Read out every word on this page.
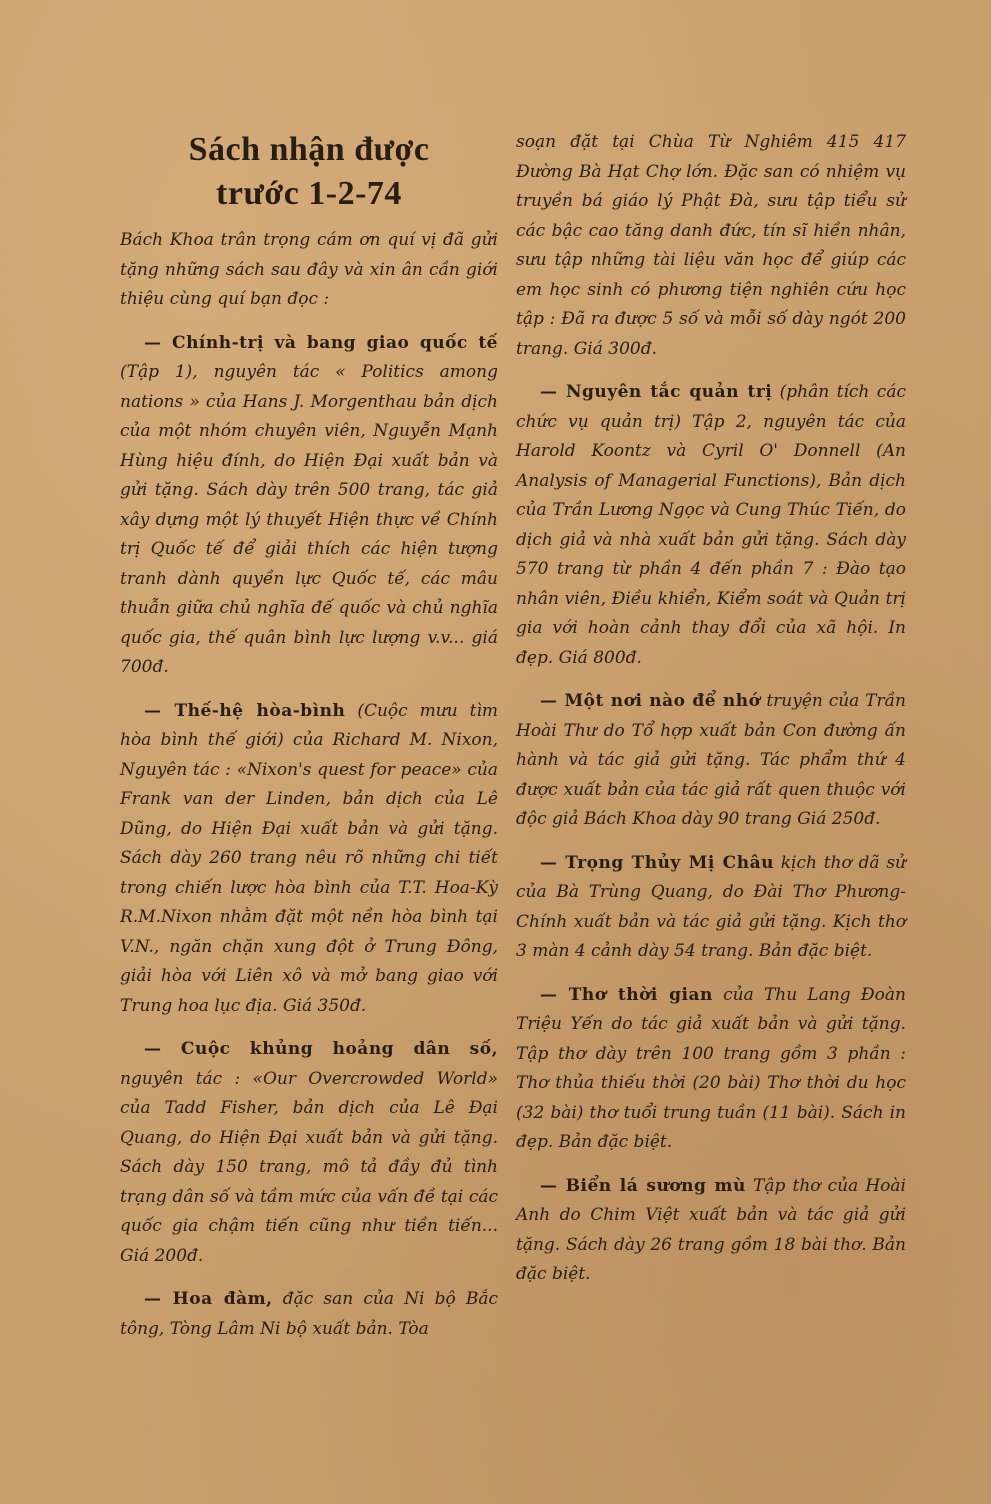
Sách nhận được
trước 1-2-74

Bách Khoa trân trọng cám ơn quí vị đã gửi tặng những sách sau đây và xin ân cần giới thiệu cùng quí bạn đọc :

— Chính-trị và bang giao quốc tế (Tập 1), nguyên tác « Politics among nations » của Hans J. Morgenthau bản dịch của một nhóm chuyên viên, Nguyễn Mạnh Hùng hiệu đính, do Hiện Đại xuất bản và gửi tặng. Sách dày trên 500 trang, tác giả xây dựng một lý thuyết Hiện thực về Chính trị Quốc tế để giải thích các hiện tượng tranh dành quyền lực Quốc tế, các mâu thuẫn giữa chủ nghĩa đế quốc và chủ nghĩa quốc gia, thế quân bình lực lượng v.v... giá 700đ.

— Thế-hệ hòa-bình (Cuộc mưu tìm hòa bình thế giới) của Richard M. Nixon, Nguyên tác : «Nixon's quest for peace» của Frank van der Linden, bản dịch của Lê Dũng, do Hiện Đại xuất bản và gửi tặng. Sách dày 260 trang nêu rõ những chi tiết trong chiến lược hòa bình của T.T. Hoa-Kỳ R.M.Nixon nhằm đặt một nền hòa bình tại V.N., ngăn chặn xung đột ở Trung Đông, giải hòa với Liên xô và mở bang giao với Trung hoa lục địa. Giá 350đ.

— Cuộc khủng hoảng dân số, nguyên tác : «Our Overcrowded World» của Tadd Fisher, bản dịch của Lê Đại Quang, do Hiện Đại xuất bản và gửi tặng. Sách dày 150 trang, mô tả đầy đủ tình trạng dân số và tầm mức của vấn đề tại các quốc gia chậm tiến cũng như tiền tiến... Giá 200đ.

— Hoa đàm, đặc san của Ni bộ Bắc tông, Tòng Lâm Ni bộ xuất bản. Tòa

soạn đặt tại Chùa Từ Nghiêm 415 417 Đường Bà Hạt Chợ lớn. Đặc san có nhiệm vụ truyền bá giáo lý Phật Đà, sưu tập tiểu sử các bậc cao tăng danh đức, tín sĩ hiền nhân, sưu tập những tài liệu văn học để giúp các em học sinh có phương tiện nghiên cứu học tập : Đã ra được 5 số và mỗi số dày ngót 200 trang. Giá 300đ.

— Nguyên tắc quản trị (phân tích các chức vụ quản trị) Tập 2, nguyên tác của Harold Koontz và Cyril O' Donnell (An Analysis of Managerial Functions), Bản dịch của Trần Lương Ngọc và Cung Thúc Tiến, do dịch giả và nhà xuất bản gửi tặng. Sách dày 570 trang từ phần 4 đến phần 7 : Đào tạo nhân viên, Điều khiển, Kiểm soát và Quản trị gia với hoàn cảnh thay đổi của xã hội. In đẹp. Giá 800đ.

— Một nơi nào để nhớ truyện của Trần Hoài Thư do Tổ hợp xuất bản Con đường ấn hành và tác giả gửi tặng. Tác phẩm thứ 4 được xuất bản của tác giả rất quen thuộc với độc giả Bách Khoa dày 90 trang Giá 250đ.

— Trọng Thủy Mị Châu kịch thơ dã sử của Bà Trùng Quang, do Đài Thơ Phương-Chính xuất bản và tác giả gửi tặng. Kịch thơ 3 màn 4 cảnh dày 54 trang. Bản đặc biệt.

— Thơ thời gian của Thu Lang Đoàn Triệu Yến do tác giả xuất bản và gửi tặng. Tập thơ dày trên 100 trang gồm 3 phần : Thơ thủa thiếu thời (20 bài) Thơ thời du học (32 bài) thơ tuổi trung tuần (11 bài). Sách in đẹp. Bản đặc biệt.

— Biển lá sương mù Tập thơ của Hoài Anh do Chim Việt xuất bản và tác giả gửi tặng. Sách dày 26 trang gồm 18 bài thơ. Bản đặc biệt.
